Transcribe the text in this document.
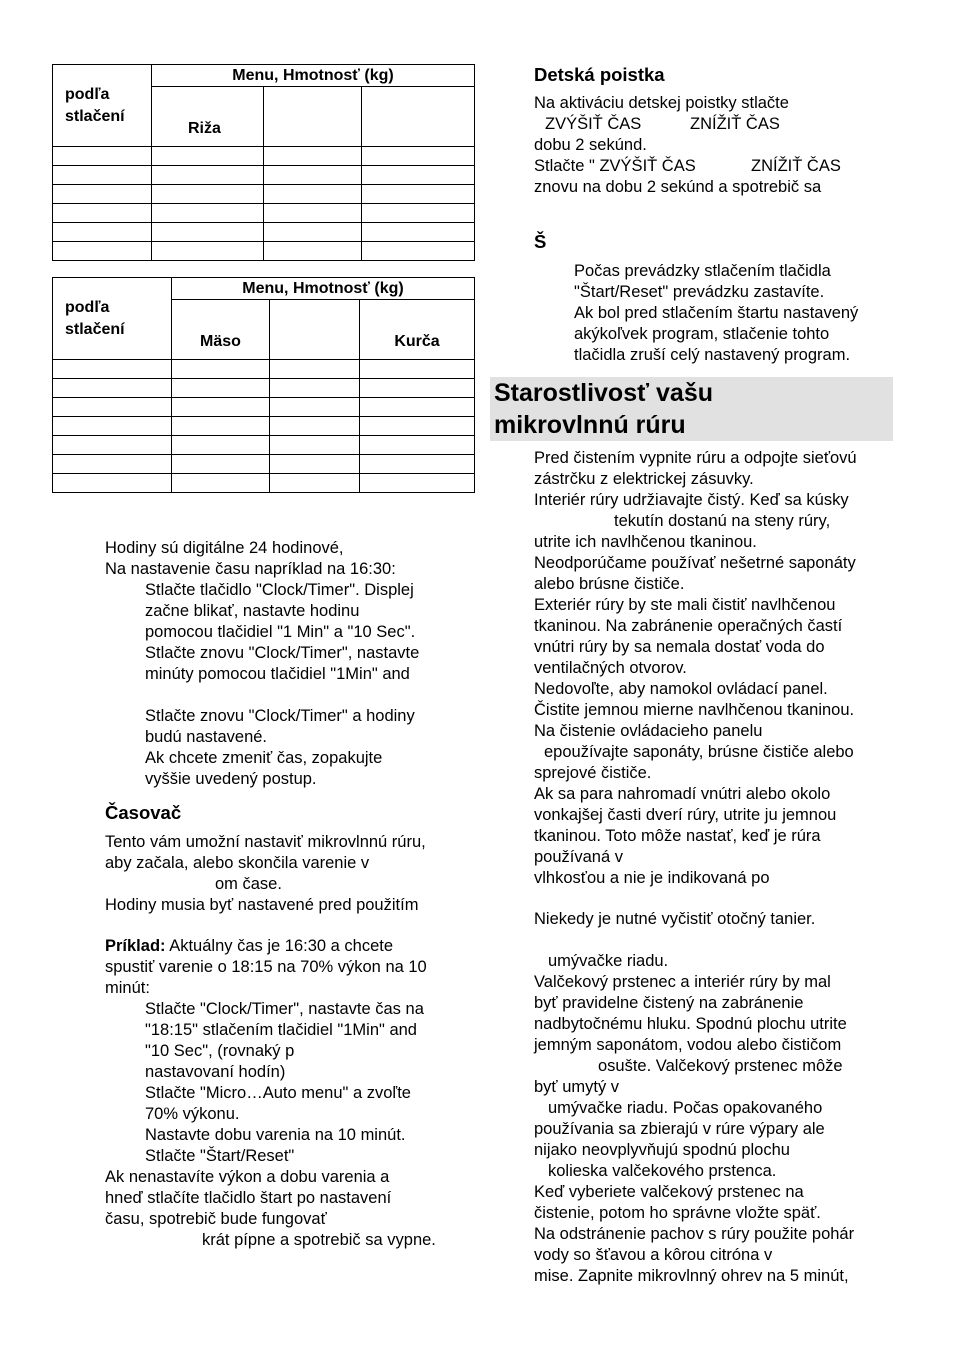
podľa
stlačení	Menu, Hmotnosť (kg)		
	Riža		

podľa
stlačení	Menu, Hmotnosť (kg)		
	Mäso		Kurča

Hodiny sú digitálne 24 hodinové,
Na nastavenie času napríklad na 16:30:
Stlačte tlačidlo "Clock/Timer". Displej
začne blikať, nastavte hodinu
pomocou tlačidiel "1 Min" a "10 Sec".
Stlačte znovu "Clock/Timer", nastavte
minúty pomocou tlačidiel "1Min" and
Stlačte znovu "Clock/Timer" a hodiny
budú nastavené.
Ak chcete zmeniť čas, zopakujte
vyššie uvedený postup.
Časovač
Tento vám umožní nastaviť mikrovlnnú rúru,
aby začala, alebo skončila varenie v
om čase.
Hodiny musia byť nastavené pred použitím
Príklad: Aktuálny čas je 16:30 a chcete
spustiť varenie o 18:15 na 70% výkon na 10
minút:
Stlačte "Clock/Timer", nastavte čas na
"18:15" stlačením tlačidiel "1Min" and
"10 Sec", (rovnaký p
nastavovaní hodín)
Stlačte "Micro…Auto menu" a zvoľte
70% výkonu.
Nastavte dobu varenia na 10 minút.
Stlačte "Štart/Reset"
Ak nenastavíte výkon a dobu varenia a
hneď stlačíte tlačidlo štart po nastavení
času, spotrebič bude fungovať
krát pípne a spotrebič sa vypne.
Detská poistka
Na aktiváciu detskej poistky stlačte
ZVÝŠIŤ ČAS	ZNÍŽIŤ ČAS
dobu 2 sekúnd.
Stlačte " ZVÝŠIŤ ČAS	ZNÍŽIŤ ČAS
znovu na dobu 2 sekúnd a spotrebič sa
Š
Počas prevádzky stlačením tlačidla
"Štart/Reset" prevádzku zastavíte.
Ak bol pred stlačením štartu nastavený
akýkoľvek program, stlačenie tohto
tlačidla zruší celý nastavený program.
Starostlivosť vašu
mikrovlnnú rúru
Pred čistením vypnite rúru a odpojte sieťovú
zástrčku z elektrickej zásuvky.
Interiér rúry udržiavajte čistý. Keď sa kúsky
tekutín dostanú na steny rúry,
utrite ich navlhčenou tkaninou.
Neodporúčame používať nešetrné saponáty
alebo brúsne čističe.
Exteriér rúry by ste mali čistiť navlhčenou
tkaninou. Na zabránenie operačných častí
vnútri rúry by sa nemala dostať voda do
ventilačných otvorov.
Nedovoľte, aby namokol ovládací panel.
Čistite jemnou mierne navlhčenou tkaninou.
Na čistenie ovládacieho panelu
epoužívajte saponáty, brúsne čističe alebo
sprejové čističe.
Ak sa para nahromadí vnútri alebo okolo
vonkajšej časti dverí rúry, utrite ju jemnou
tkaninou. Toto môže nastať, keď je rúra
používaná v
vlhkosťou a nie je indikovaná po
Niekedy je nutné vyčistiť otočný tanier.
umývačke riadu.
Valčekový prstenec a interiér rúry by mal
byť pravidelne čistený na zabránenie
nadbytočnému hluku. Spodnú plochu utrite
jemným saponátom, vodou alebo čističom
osušte. Valčekový prstenec môže
byť umytý v
umývačke riadu. Počas opakovaného
používania sa zbierajú v rúre výpary ale
nijako neovplyvňujú spodnú plochu
kolieska valčekového prstenca.
Keď vyberiete valčekový prstenec na
čistenie, potom ho správne vložte späť.
Na odstránenie pachov s rúry použite pohár
vody so šťavou a kôrou citróna v
mise. Zapnite mikrovlnný ohrev na 5 minút,
